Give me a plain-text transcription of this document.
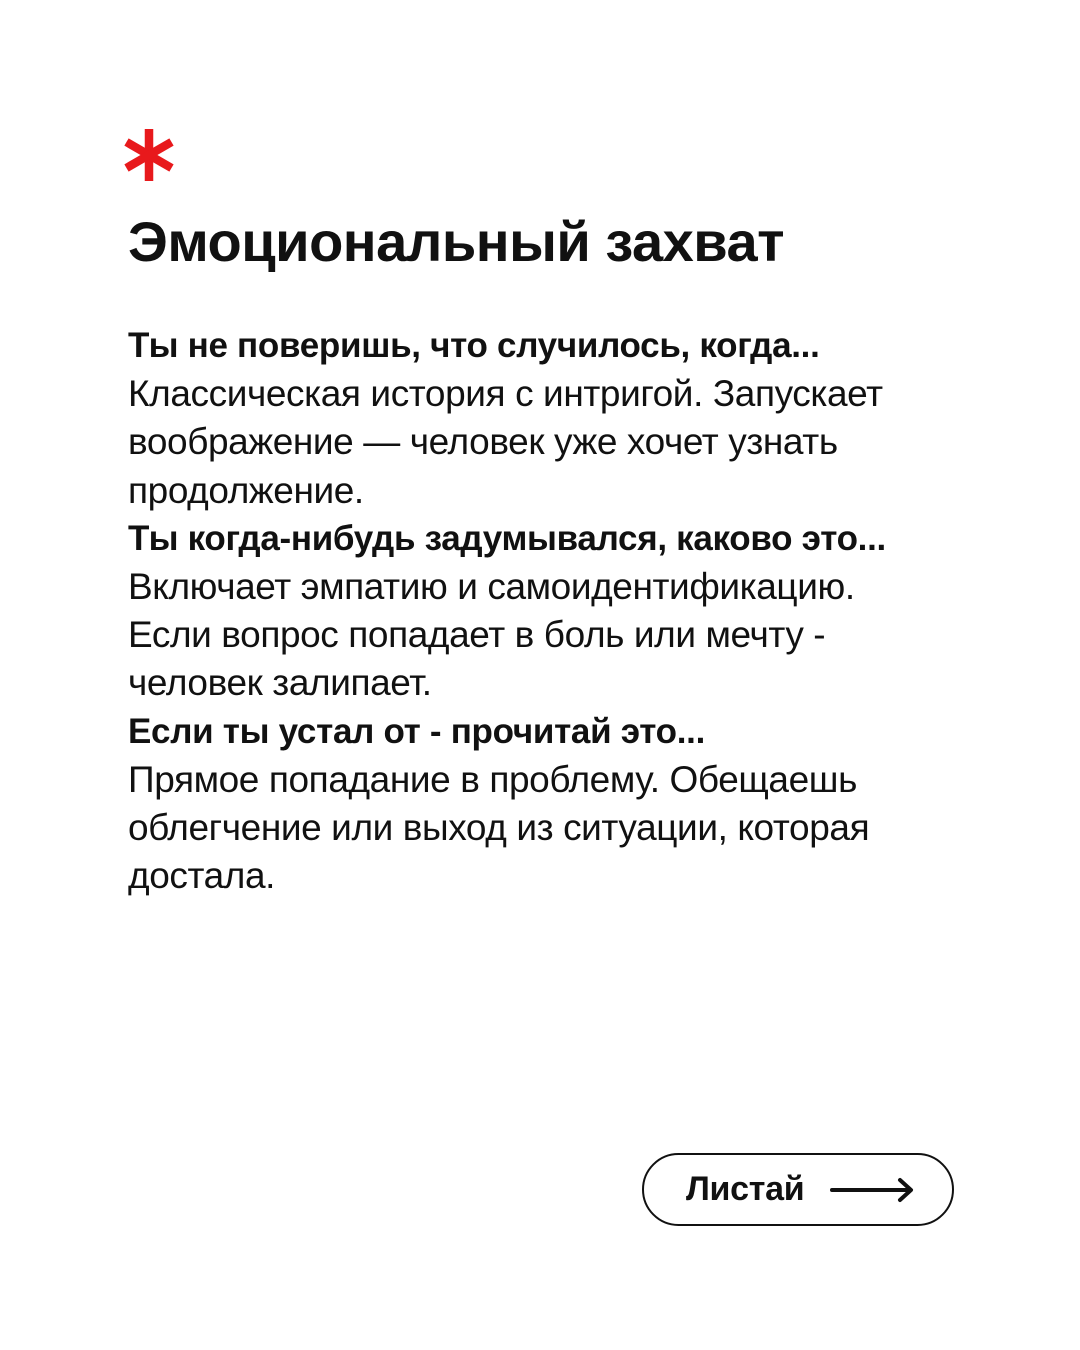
Эмоциональный захват

Ты не поверишь, что случилось, когда...

Классическая история с интригой. Запускает воображение — человек уже хочет узнать продолжение.

Ты когда-нибудь задумывался, каково это...

Включает эмпатию и самоидентификацию. Если вопрос попадает в боль или мечту - человек залипает.

Если ты устал от - прочитай это...

Прямое попадание в проблему. Обещаешь облегчение или выход из ситуации, которая достала.

Листай
